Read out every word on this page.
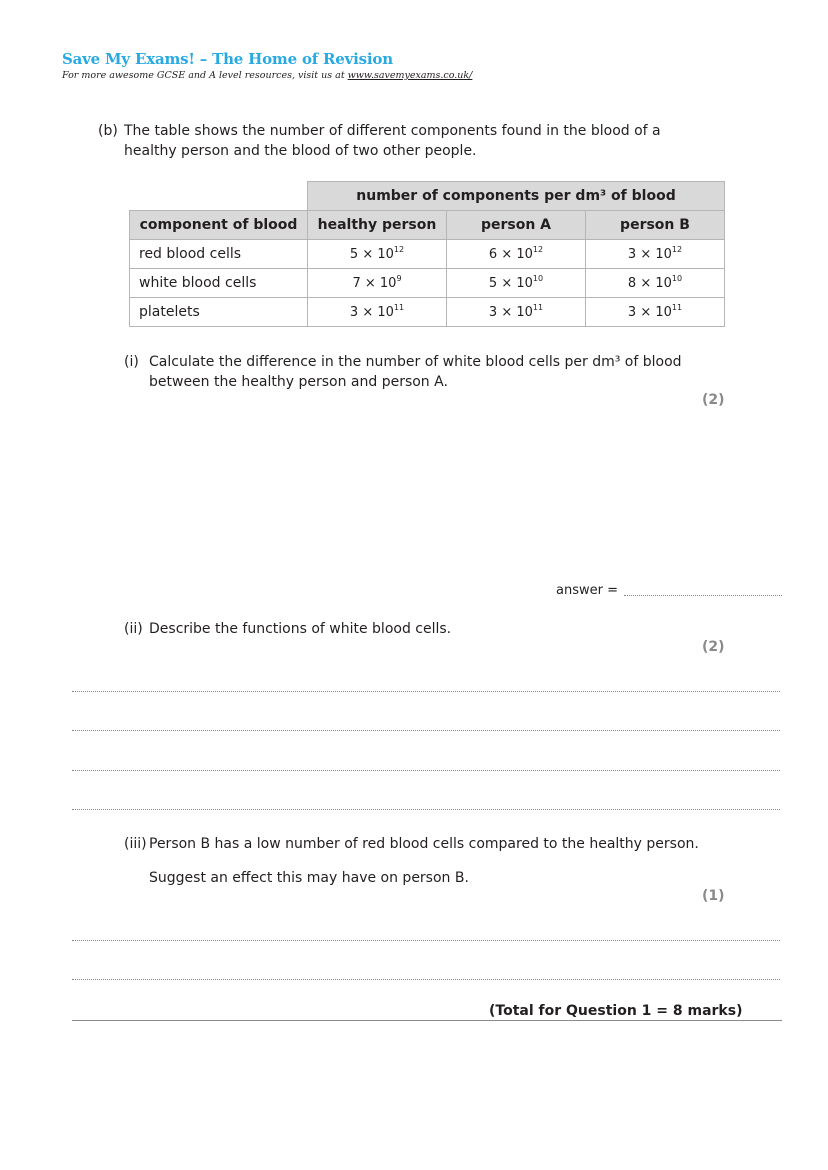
Save My Exams! – The Home of Revision
For more awesome GCSE and A level resources, visit us at www.savemyexams.co.uk/
(b) The table shows the number of different components found in the blood of a
healthy person and the blood of two other people.
	number of components per dm³ of blood		
component of blood	healthy person	person A	person B
red blood cells	$5 \times 10^{12}$	$6 \times 10^{12}$	$3 \times 10^{12}$
white blood cells	$7 \times 10^9$	$5 \times 10^{10}$	$8 \times 10^{10}$
platelets	$3 \times 10^{11}$	$3 \times 10^{11}$	$3 \times 10^{11}$
(i) Calculate the difference in the number of white blood cells per dm³ of blood
between the healthy person and person A.
(2)
answer =
(ii) Describe the functions of white blood cells.
(2)
(iii) Person B has a low number of red blood cells compared to the healthy person.
Suggest an effect this may have on person B.
(1)
(Total for Question 1 = 8 marks)
